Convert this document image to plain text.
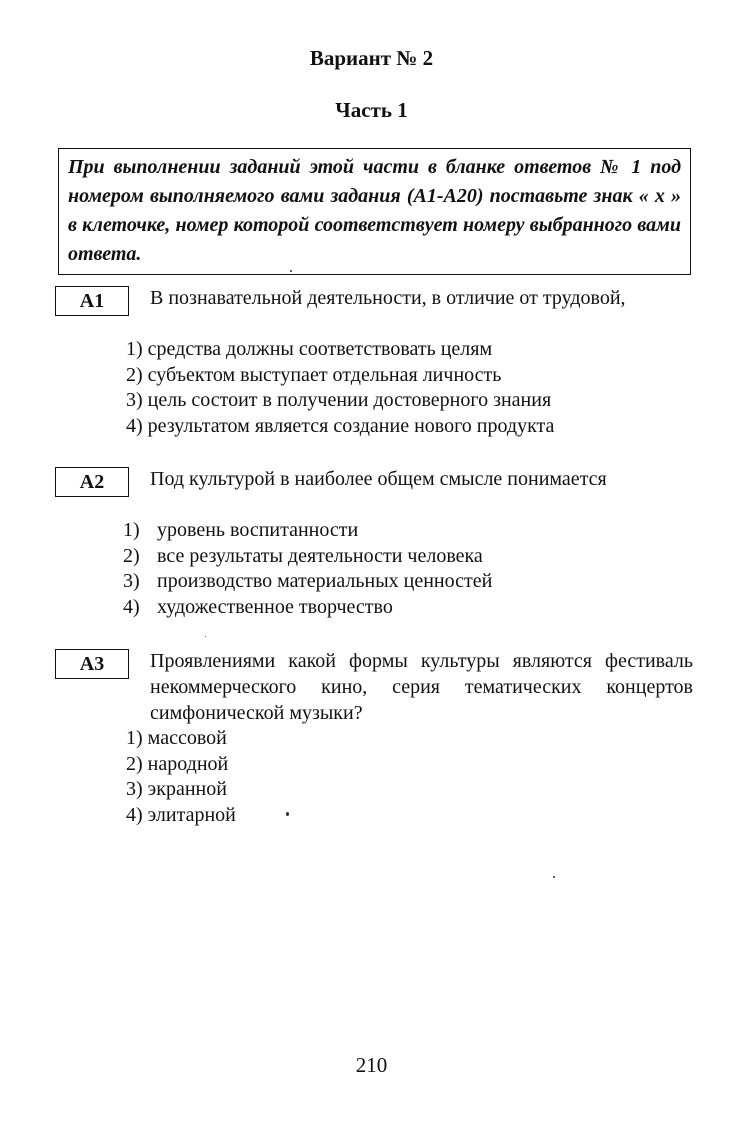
Вариант № 2
Часть 1
При выполнении заданий этой части в бланке ответов № 1 под номером выполняемого вами задания (А1-А20) поставьте знак « х » в клеточке, номер которой соответствует номеру выбранного вами ответа.
А1	В познавательной деятельности, в отличие от трудовой,
1) средства должны соответствовать целям
2) субъектом выступает отдельная личность
3) цель состоит в получении достоверного знания
4) результатом является создание нового продукта
А2	Под культурой в наиболее общем смысле понимается
1) уровень воспитанности
2) все результаты деятельности человека
3) производство материальных ценностей
4) художественное творчество
А3	Проявлениями какой формы культуры являются фестиваль некоммерческого кино, серия тематических концертов симфонической музыки?
1) массовой
2) народной
3) экранной
4) элитарной
210
